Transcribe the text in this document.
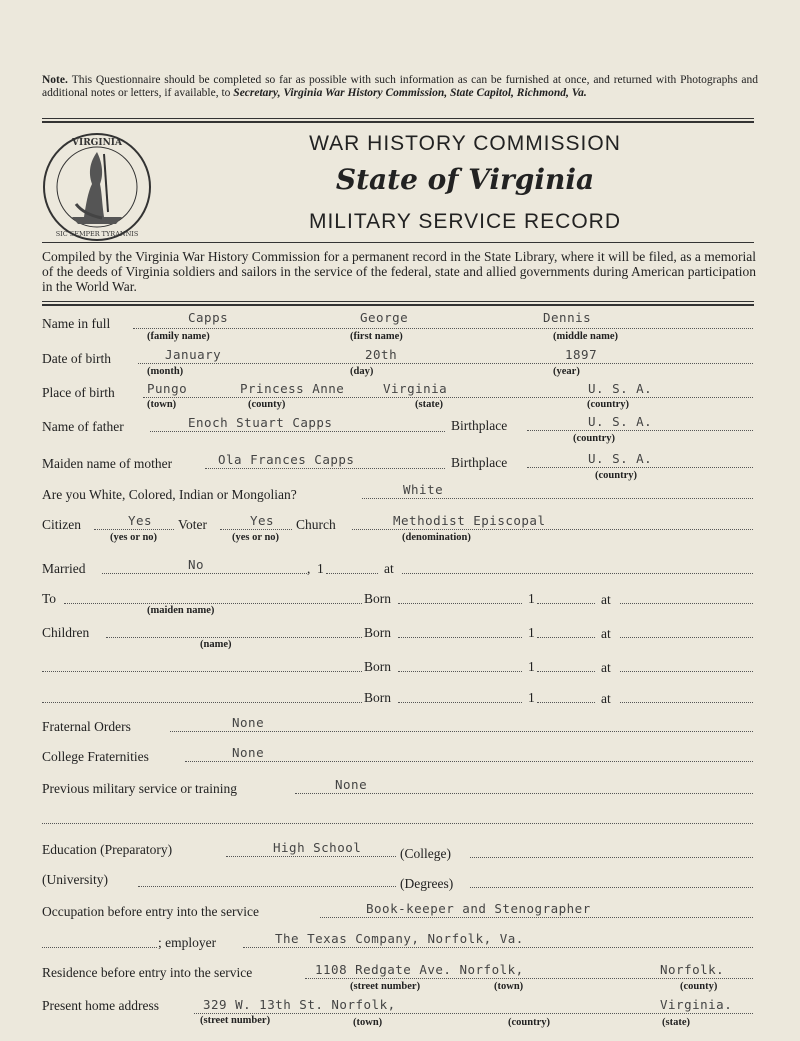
Note. This Questionnaire should be completed so far as possible with such information as can be furnished at once, and returned with Photographs and additional notes or letters, if available, to Secretary, Virginia War History Commission, State Capitol, Richmond, Va.
VIRGINIA
SIC SEMPER TYRANNIS
WAR HISTORY COMMISSION
State of Virginia
MILITARY SERVICE RECORD
Compiled by the Virginia War History Commission for a permanent record in the State Library, where it will be filed, as a memorial of the deeds of Virginia soldiers and sailors in the service of the federal, state and allied governments during American participation in the World War.
Name in full	Capps	George	Dennis
(family name)	(first name)	(middle name)
Date of birth	January	20th	1897
(month)	(day)	(year)
Place of birth	Pungo	Princess Anne	Virginia	U. S. A.
(town)	(county)	(state)	(country)
Name of father	Enoch Stuart Capps	Birthplace	U. S. A.
(country)
Maiden name of mother	Ola Frances Capps	Birthplace	U. S. A.
(country)
Are you White, Colored, Indian or Mongolian?	White
Citizen	Yes Voter	Yes Church	Methodist Episcopal
(yes or no)	(yes or no)	(denomination)
Married	No	, 1	at
To	Born	1	at
(maiden name)
Children	Born	1	at
(name)
Born	1	at
Born	1	at
Fraternal Orders	None
College Fraternities	None
Previous military service or training	None
Education (Preparatory)	High School	(College)
(University)	(Degrees)
Occupation before entry into the service	Book-keeper and Stenographer
; employer	The Texas Company, Norfolk, Va.
Residence before entry into the service	1108 Redgate Ave. Norfolk,	Norfolk.
(street number)	(town)	(county)
Present home address	329 W. 13th St. Norfolk,	Virginia.
(street number)	(town)	(country)	(state)
